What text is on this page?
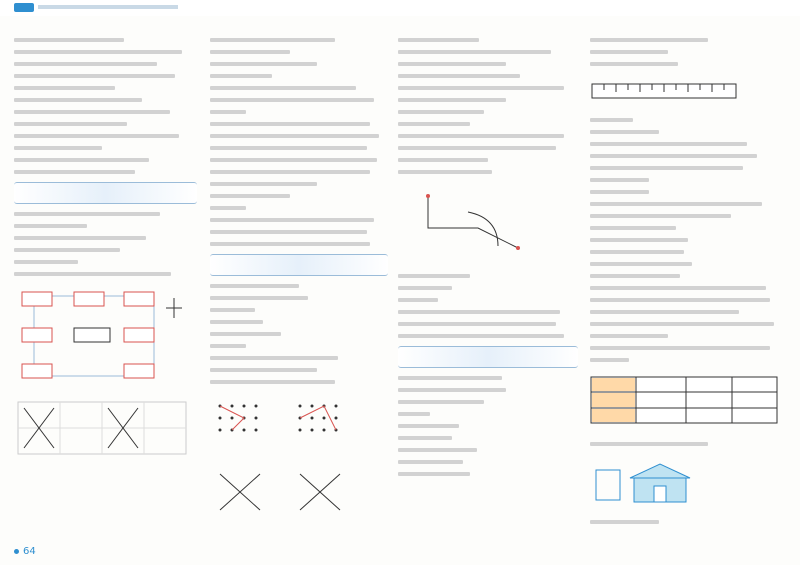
64
